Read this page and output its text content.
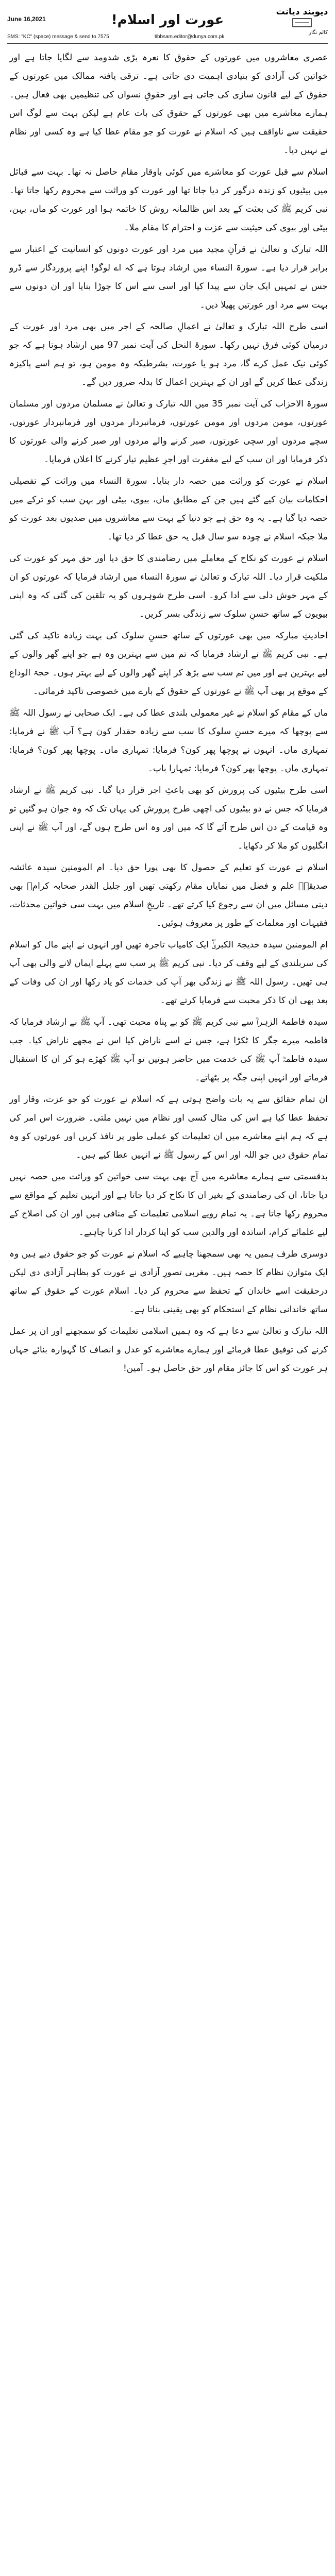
June 16,2021	عورت اور اسلام!
دیوبند دیانت
کالم نگار
SMS: "KC" (space) message & send to 7575	tibbsam.editor@dunya.com.pk

عصری معاشروں میں عورتوں کے حقوق کا نعرہ بڑی شدومد سے لگایا جاتا ہے اور خواتین کی آزادی کو بنیادی اہمیت دی جاتی ہے۔ ترقی یافتہ ممالک میں عورتوں کے حقوق کے لیے قانون سازی کی جاتی ہے اور حقوقِ نسواں کی تنظیمیں بھی فعال ہیں۔ ہمارے معاشرے میں بھی عورتوں کے حقوق کی بات عام ہے لیکن بہت سے لوگ اس حقیقت سے ناواقف ہیں کہ اسلام نے عورت کو جو مقام عطا کیا ہے وہ کسی اور نظام نے نہیں دیا۔

اسلام سے قبل عورت کو معاشرے میں کوئی باوقار مقام حاصل نہ تھا۔ بہت سے قبائل میں بیٹیوں کو زندہ درگور کر دیا جاتا تھا اور عورت کو وراثت سے محروم رکھا جاتا تھا۔ نبی کریم ﷺ کی بعثت کے بعد اس ظالمانہ روش کا خاتمہ ہوا اور عورت کو ماں، بہن، بیٹی اور بیوی کی حیثیت سے عزت و احترام کا مقام ملا۔

اللہ تبارک و تعالیٰ نے قرآنِ مجید میں مرد اور عورت دونوں کو انسانیت کے اعتبار سے برابر قرار دیا ہے۔ سورۃ النساء میں ارشاد ہوتا ہے کہ اے لوگو! اپنے پروردگار سے ڈرو جس نے تمہیں ایک جان سے پیدا کیا اور اسی سے اس کا جوڑا بنایا اور ان دونوں سے بہت سے مرد اور عورتیں پھیلا دیں۔

اسی طرح اللہ تبارک و تعالیٰ نے اعمالِ صالحہ کے اجر میں بھی مرد اور عورت کے درمیان کوئی فرق نہیں رکھا۔ سورۃ النحل کی آیت نمبر 97 میں ارشاد ہوتا ہے کہ جو کوئی نیک عمل کرے گا، مرد ہو یا عورت، بشرطیکہ وہ مومن ہو، تو ہم اسے پاکیزہ زندگی عطا کریں گے اور ان کے بہترین اعمال کا بدلہ ضرور دیں گے۔

سورۃ الاحزاب کی آیت نمبر 35 میں اللہ تبارک و تعالیٰ نے مسلمان مردوں اور مسلمان عورتوں، مومن مردوں اور مومن عورتوں، فرمانبردار مردوں اور فرمانبردار عورتوں، سچے مردوں اور سچی عورتوں، صبر کرنے والے مردوں اور صبر کرنے والی عورتوں کا ذکر فرمایا اور ان سب کے لیے مغفرت اور اجرِ عظیم تیار کرنے کا اعلان فرمایا۔

اسلام نے عورت کو وراثت میں حصہ دار بنایا۔ سورۃ النساء میں وراثت کے تفصیلی احکامات بیان کیے گئے ہیں جن کے مطابق ماں، بیوی، بیٹی اور بہن سب کو ترکے میں حصہ دیا گیا ہے۔ یہ وہ حق ہے جو دنیا کے بہت سے معاشروں میں صدیوں بعد عورت کو ملا جبکہ اسلام نے چودہ سو سال قبل یہ حق عطا کر دیا تھا۔

اسلام نے عورت کو نکاح کے معاملے میں رضامندی کا حق دیا اور حق مہر کو عورت کی ملکیت قرار دیا۔ اللہ تبارک و تعالیٰ نے سورۃ النساء میں ارشاد فرمایا کہ عورتوں کو ان کے مہر خوش دلی سے ادا کرو۔ اسی طرح شوہروں کو یہ تلقین کی گئی کہ وہ اپنی بیویوں کے ساتھ حسنِ سلوک سے زندگی بسر کریں۔

احادیثِ مبارکہ میں بھی عورتوں کے ساتھ حسنِ سلوک کی بہت زیادہ تاکید کی گئی ہے۔ نبی کریم ﷺ نے ارشاد فرمایا کہ تم میں سے بہترین وہ ہے جو اپنے گھر والوں کے لیے بہترین ہے اور میں تم سب سے بڑھ کر اپنے گھر والوں کے لیے بہتر ہوں۔ حجۃ الوداع کے موقع پر بھی آپ ﷺ نے عورتوں کے حقوق کے بارے میں خصوصی تاکید فرمائی۔

ماں کے مقام کو اسلام نے غیر معمولی بلندی عطا کی ہے۔ ایک صحابی نے رسول اللہ ﷺ سے پوچھا کہ میرے حسنِ سلوک کا سب سے زیادہ حقدار کون ہے؟ آپ ﷺ نے فرمایا: تمہاری ماں۔ انہوں نے پوچھا پھر کون؟ فرمایا: تمہاری ماں۔ پوچھا پھر کون؟ فرمایا: تمہاری ماں۔ پوچھا پھر کون؟ فرمایا: تمہارا باپ۔

اسی طرح بیٹیوں کی پرورش کو بھی باعثِ اجر قرار دیا گیا۔ نبی کریم ﷺ نے ارشاد فرمایا کہ جس نے دو بیٹیوں کی اچھی طرح پرورش کی یہاں تک کہ وہ جوان ہو گئیں تو وہ قیامت کے دن اس طرح آئے گا کہ میں اور وہ اس طرح ہوں گے، اور آپ ﷺ نے اپنی انگلیوں کو ملا کر دکھایا۔

اسلام نے عورت کو تعلیم کے حصول کا بھی پورا حق دیا۔ ام المومنین سیدہ عائشہ صدیقہؓ علم و فضل میں نمایاں مقام رکھتی تھیں اور جلیل القدر صحابہ کرامؓ بھی دینی مسائل میں ان سے رجوع کیا کرتے تھے۔ تاریخِ اسلام میں بہت سی خواتین محدثات، فقیہات اور معلمات کے طور پر معروف ہوئیں۔

ام المومنین سیدہ خدیجۃ الکبریٰؓ ایک کامیاب تاجرہ تھیں اور انہوں نے اپنے مال کو اسلام کی سربلندی کے لیے وقف کر دیا۔ نبی کریم ﷺ پر سب سے پہلے ایمان لانے والی بھی آپ ہی تھیں۔ رسول اللہ ﷺ نے زندگی بھر آپ کی خدمات کو یاد رکھا اور ان کی وفات کے بعد بھی ان کا ذکر محبت سے فرمایا کرتے تھے۔

سیدہ فاطمۃ الزہراؓ سے نبی کریم ﷺ کو بے پناہ محبت تھی۔ آپ ﷺ نے ارشاد فرمایا کہ فاطمہ میرے جگر کا ٹکڑا ہے، جس نے اسے ناراض کیا اس نے مجھے ناراض کیا۔ جب سیدہ فاطمہؓ آپ ﷺ کی خدمت میں حاضر ہوتیں تو آپ ﷺ کھڑے ہو کر ان کا استقبال فرماتے اور انہیں اپنی جگہ پر بٹھاتے۔

ان تمام حقائق سے یہ بات واضح ہوتی ہے کہ اسلام نے عورت کو جو عزت، وقار اور تحفظ عطا کیا ہے اس کی مثال کسی اور نظام میں نہیں ملتی۔ ضرورت اس امر کی ہے کہ ہم اپنے معاشرے میں ان تعلیمات کو عملی طور پر نافذ کریں اور عورتوں کو وہ تمام حقوق دیں جو اللہ اور اس کے رسول ﷺ نے انہیں عطا کیے ہیں۔

بدقسمتی سے ہمارے معاشرے میں آج بھی بہت سی خواتین کو وراثت میں حصہ نہیں دیا جاتا، ان کی رضامندی کے بغیر ان کا نکاح کر دیا جاتا ہے اور انہیں تعلیم کے مواقع سے محروم رکھا جاتا ہے۔ یہ تمام رویے اسلامی تعلیمات کے منافی ہیں اور ان کی اصلاح کے لیے علمائے کرام، اساتذہ اور والدین سب کو اپنا کردار ادا کرنا چاہیے۔

دوسری طرف ہمیں یہ بھی سمجھنا چاہیے کہ اسلام نے عورت کو جو حقوق دیے ہیں وہ ایک متوازن نظام کا حصہ ہیں۔ مغربی تصورِ آزادی نے عورت کو بظاہر آزادی دی لیکن درحقیقت اسے خاندان کے تحفظ سے محروم کر دیا۔ اسلام عورت کے حقوق کے ساتھ ساتھ خاندانی نظام کے استحکام کو بھی یقینی بناتا ہے۔

اللہ تبارک و تعالیٰ سے دعا ہے کہ وہ ہمیں اسلامی تعلیمات کو سمجھنے اور ان پر عمل کرنے کی توفیق عطا فرمائے اور ہمارے معاشرے کو عدل و انصاف کا گہوارہ بنائے جہاں ہر عورت کو اس کا جائز مقام اور حق حاصل ہو۔ آمین!
